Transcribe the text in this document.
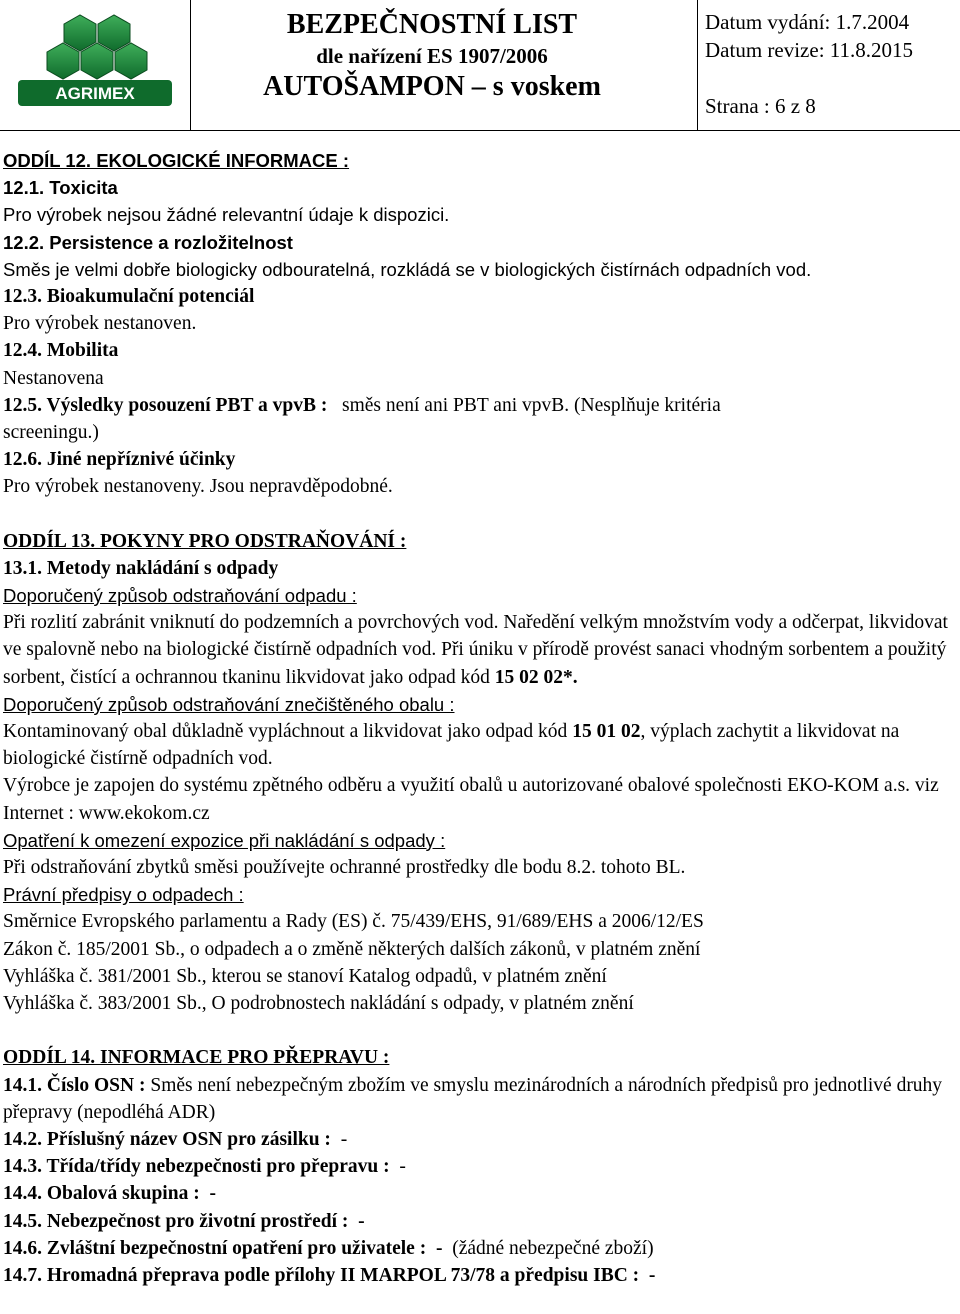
AGRIMEX
BEZPEČNOSTNÍ LIST
dle nařízení ES 1907/2006
AUTOŠAMPON – s voskem
Datum vydání: 1.7.2004
Datum revize: 11.8.2015
Strana : 6 z 8

ODDÍL 12. EKOLOGICKÉ INFORMACE :

12.1. Toxicita

Pro výrobek nejsou žádné relevantní údaje k dispozici.

12.2. Persistence a rozložitelnost

Směs je velmi dobře biologicky odbouratelná, rozkládá se v biologických čistírnách odpadních vod.

12.3. Bioakumulační potenciál

Pro výrobek nestanoven.

12.4. Mobilita

Nestanovena

12.5. Výsledky posouzení PBT a vpvB : směs není ani PBT ani vpvB. (Nesplňuje kritéria

screeningu.)

12.6. Jiné nepříznivé účinky

Pro výrobek nestanoveny. Jsou nepravděpodobné.

ODDÍL 13. POKYNY PRO ODSTRAŇOVÁNÍ :

13.1. Metody nakládání s odpady

Doporučený způsob odstraňování odpadu :

Při rozlití zabránit vniknutí do podzemních a povrchových vod. Naředění velkým množstvím vody a odčerpat, likvidovat ve spalovně nebo na biologické čistírně odpadních vod. Při úniku v přírodě provést sanaci vhodným sorbentem a použitý sorbent, čistící a ochrannou tkaninu likvidovat jako odpad kód 15 02 02*.

Doporučený způsob odstraňování znečištěného obalu :

Kontaminovaný obal důkladně vypláchnout a likvidovat jako odpad kód 15 01 02, výplach zachytit a likvidovat na biologické čistírně odpadních vod.

Výrobce je zapojen do systému zpětného odběru a využití obalů u autorizované obalové společnosti EKO-KOM a.s. viz Internet : www.ekokom.cz

Opatření k omezení expozice při nakládání s odpady :

Při odstraňování zbytků směsi používejte ochranné prostředky dle bodu 8.2. tohoto BL.

Právní předpisy o odpadech :

Směrnice Evropského parlamentu a Rady (ES) č. 75/439/EHS, 91/689/EHS a 2006/12/ES

Zákon č. 185/2001 Sb., o odpadech a o změně některých dalších zákonů, v platném znění

Vyhláška č. 381/2001 Sb., kterou se stanoví Katalog odpadů, v platném znění

Vyhláška č. 383/2001 Sb., O podrobnostech nakládání s odpady, v platném znění

ODDÍL 14. INFORMACE PRO PŘEPRAVU :

14.1. Číslo OSN : Směs není nebezpečným zbožím ve smyslu mezinárodních a národních předpisů pro jednotlivé druhy přepravy (nepodléhá ADR)

14.2. Příslušný název OSN pro zásilku : -

14.3. Třída/třídy nebezpečnosti pro přepravu : -

14.4. Obalová skupina : -

14.5. Nebezpečnost pro životní prostředí : -

14.6. Zvláštní bezpečnostní opatření pro uživatele : - (žádné nebezpečné zboží)

14.7. Hromadná přeprava podle přílohy II MARPOL 73/78 a předpisu IBC : -
